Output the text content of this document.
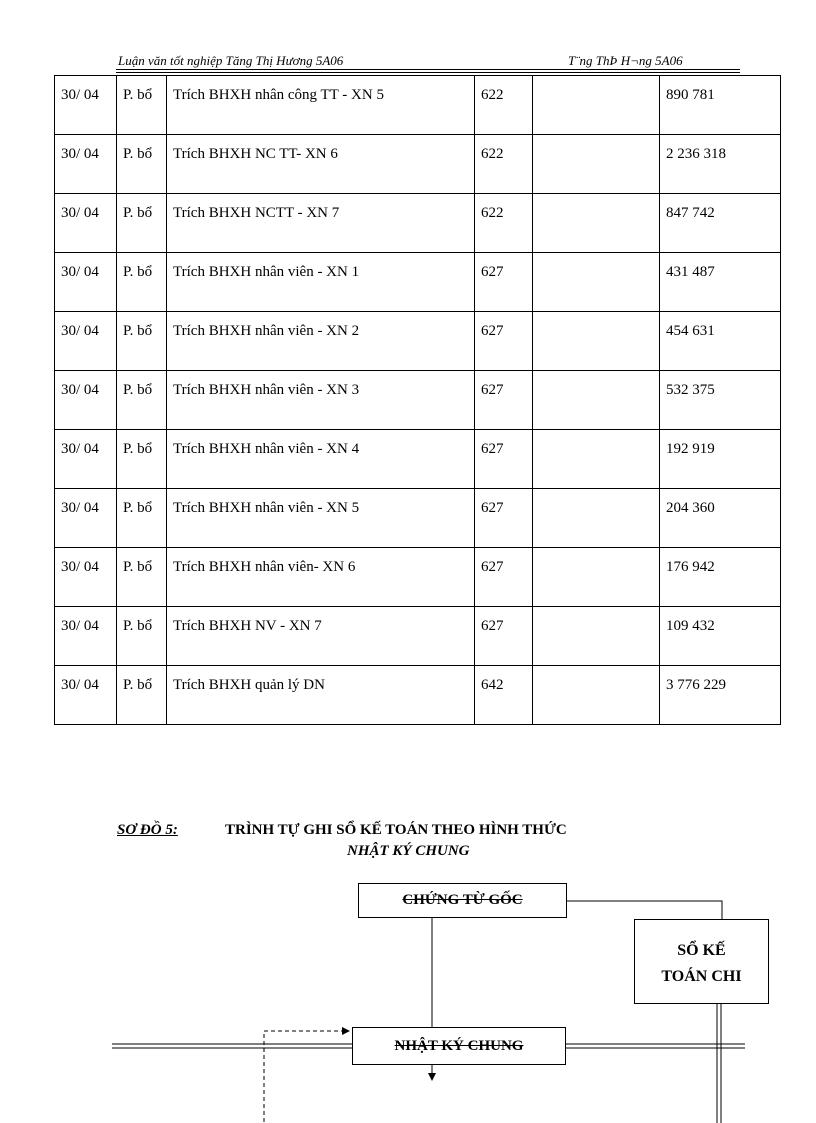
Luận văn tốt nghiệp Tăng Thị Hương 5A06	T¨ng ThÞ H¬ng 5A06
30/ 04	P. bổ	Trích BHXH nhân công TT - XN 5	622		890 781
30/ 04	P. bổ	Trích BHXH NC TT- XN 6	622		2 236 318
30/ 04	P. bổ	Trích BHXH NCTT - XN 7	622		847 742
30/ 04	P. bổ	Trích BHXH nhân viên - XN 1	627		431 487
30/ 04	P. bổ	Trích BHXH nhân viên - XN 2	627		454 631
30/ 04	P. bổ	Trích BHXH nhân viên - XN 3	627		532 375
30/ 04	P. bổ	Trích BHXH nhân viên - XN 4	627		192 919
30/ 04	P. bổ	Trích BHXH nhân viên - XN 5	627		204 360
30/ 04	P. bổ	Trích BHXH nhân viên- XN 6	627		176 942
30/ 04	P. bổ	Trích BHXH NV - XN 7	627		109 432
30/ 04	P. bổ	Trích BHXH quản lý DN	642		3 776 229
SƠ ĐỒ 5:	TRÌNH TỰ GHI SỔ KẾ TOÁN THEO HÌNH THỨC
NHẬT KÝ CHUNG
CHỨNG TỪ GỐC
NHẬT KÝ CHUNG
SỔ KẾ
TOÁN CHI
